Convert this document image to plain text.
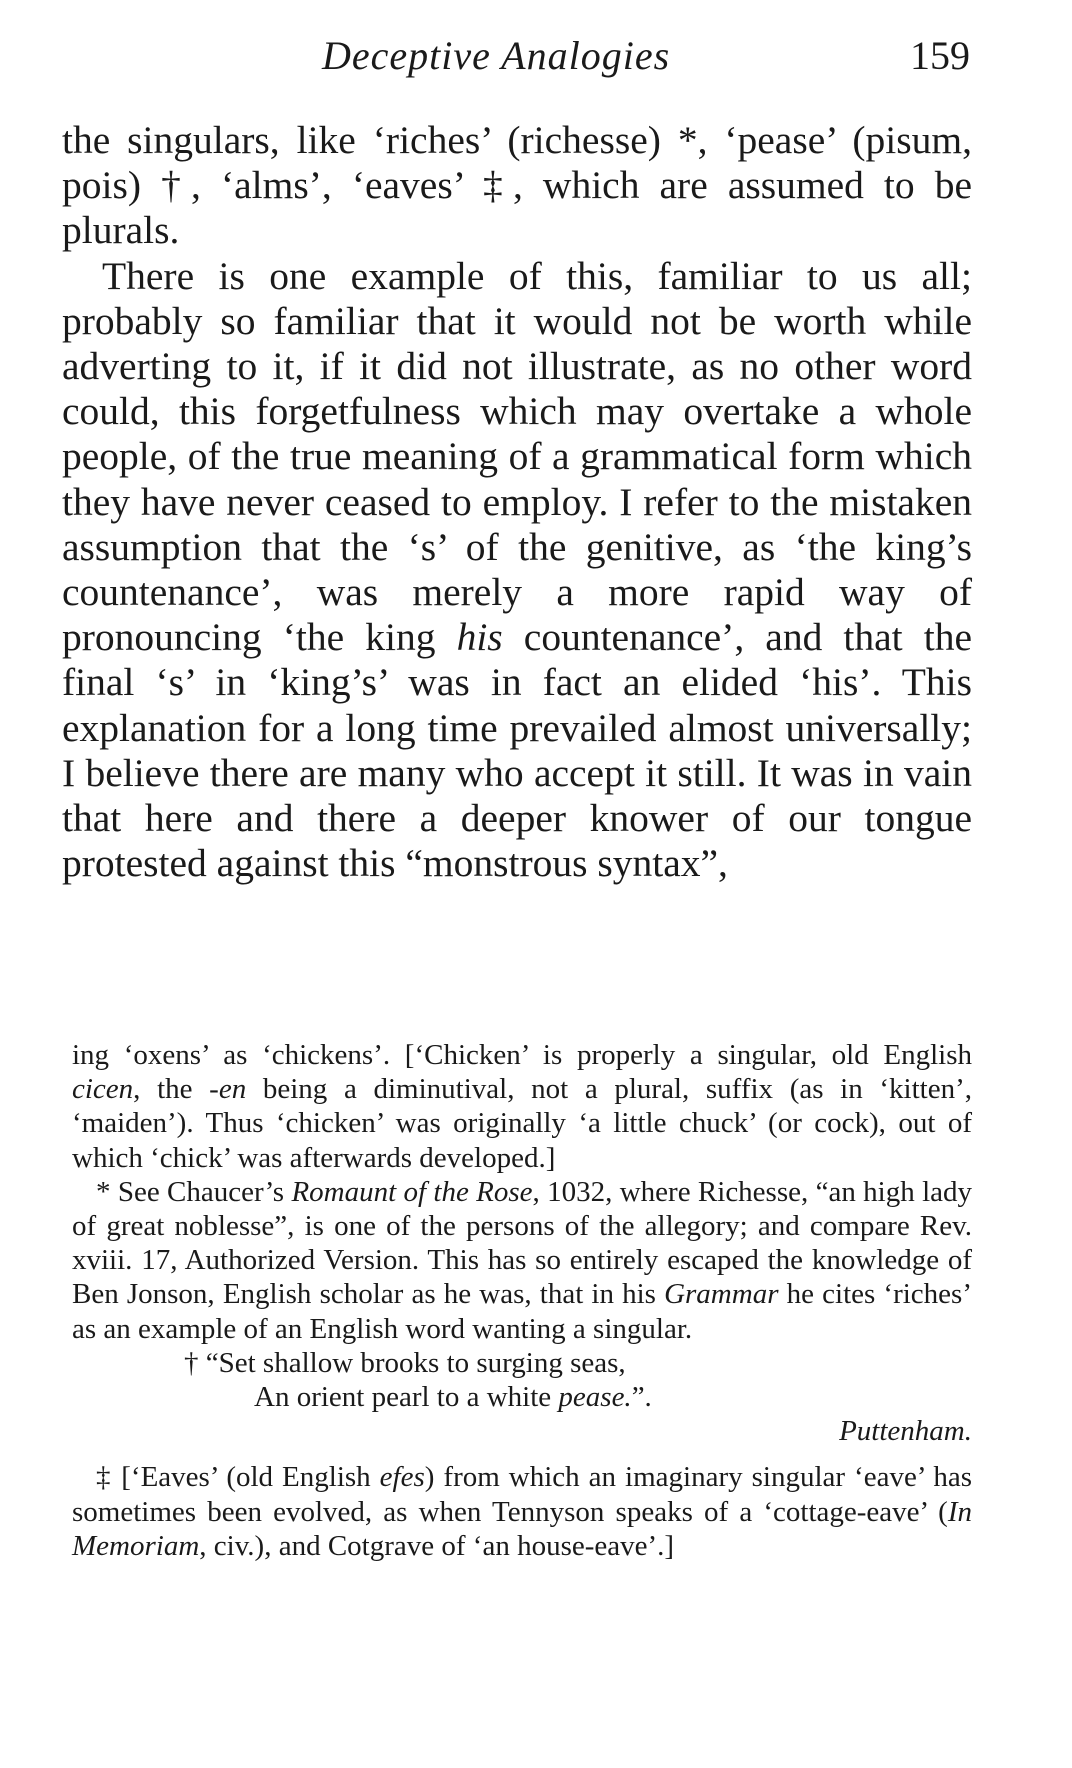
Deceptive Analogies	159

the singulars, like ‘riches’ (richesse) *, ‘pease’ (pisum, pois) †, ‘alms’, ‘eaves’ ‡, which are assumed to be plurals.

There is one example of this, familiar to us all; probably so familiar that it would not be worth while adverting to it, if it did not illustrate, as no other word could, this forgetfulness which may overtake a whole people, of the true meaning of a grammatical form which they have never ceased to employ. I refer to the mistaken assumption that the ‘s’ of the genitive, as ‘the king’s countenance’, was merely a more rapid way of pronouncing ‘the king his countenance’, and that the final ‘s’ in ‘king’s’ was in fact an elided ‘his’. This explanation for a long time prevailed almost universally; I believe there are many who accept it still. It was in vain that here and there a deeper knower of our tongue protested against this “monstrous syntax”,

ing ‘oxens’ as ‘chickens’. [‘Chicken’ is properly a singular, old English cicen, the -en being a diminutival, not a plural, suffix (as in ‘kitten’, ‘maiden’). Thus ‘chicken’ was originally ‘a little chuck’ (or cock), out of which ‘chick’ was afterwards developed.]

* See Chaucer’s Romaunt of the Rose, 1032, where Richesse, “an high lady of great noblesse”, is one of the persons of the allegory; and compare Rev. xviii. 17, Authorized Version. This has so entirely escaped the knowledge of Ben Jonson, English scholar as he was, that in his Grammar he cites ‘riches’ as an example of an English word wanting a singular.

† “Set shallow brooks to surging seas,

An orient pearl to a white pease.”.

Puttenham.

‡ [‘Eaves’ (old English efes) from which an imaginary singular ‘eave’ has sometimes been evolved, as when Tennyson speaks of a ‘cottage-eave’ (In Memoriam, civ.), and Cotgrave of ‘an house-eave’.]
